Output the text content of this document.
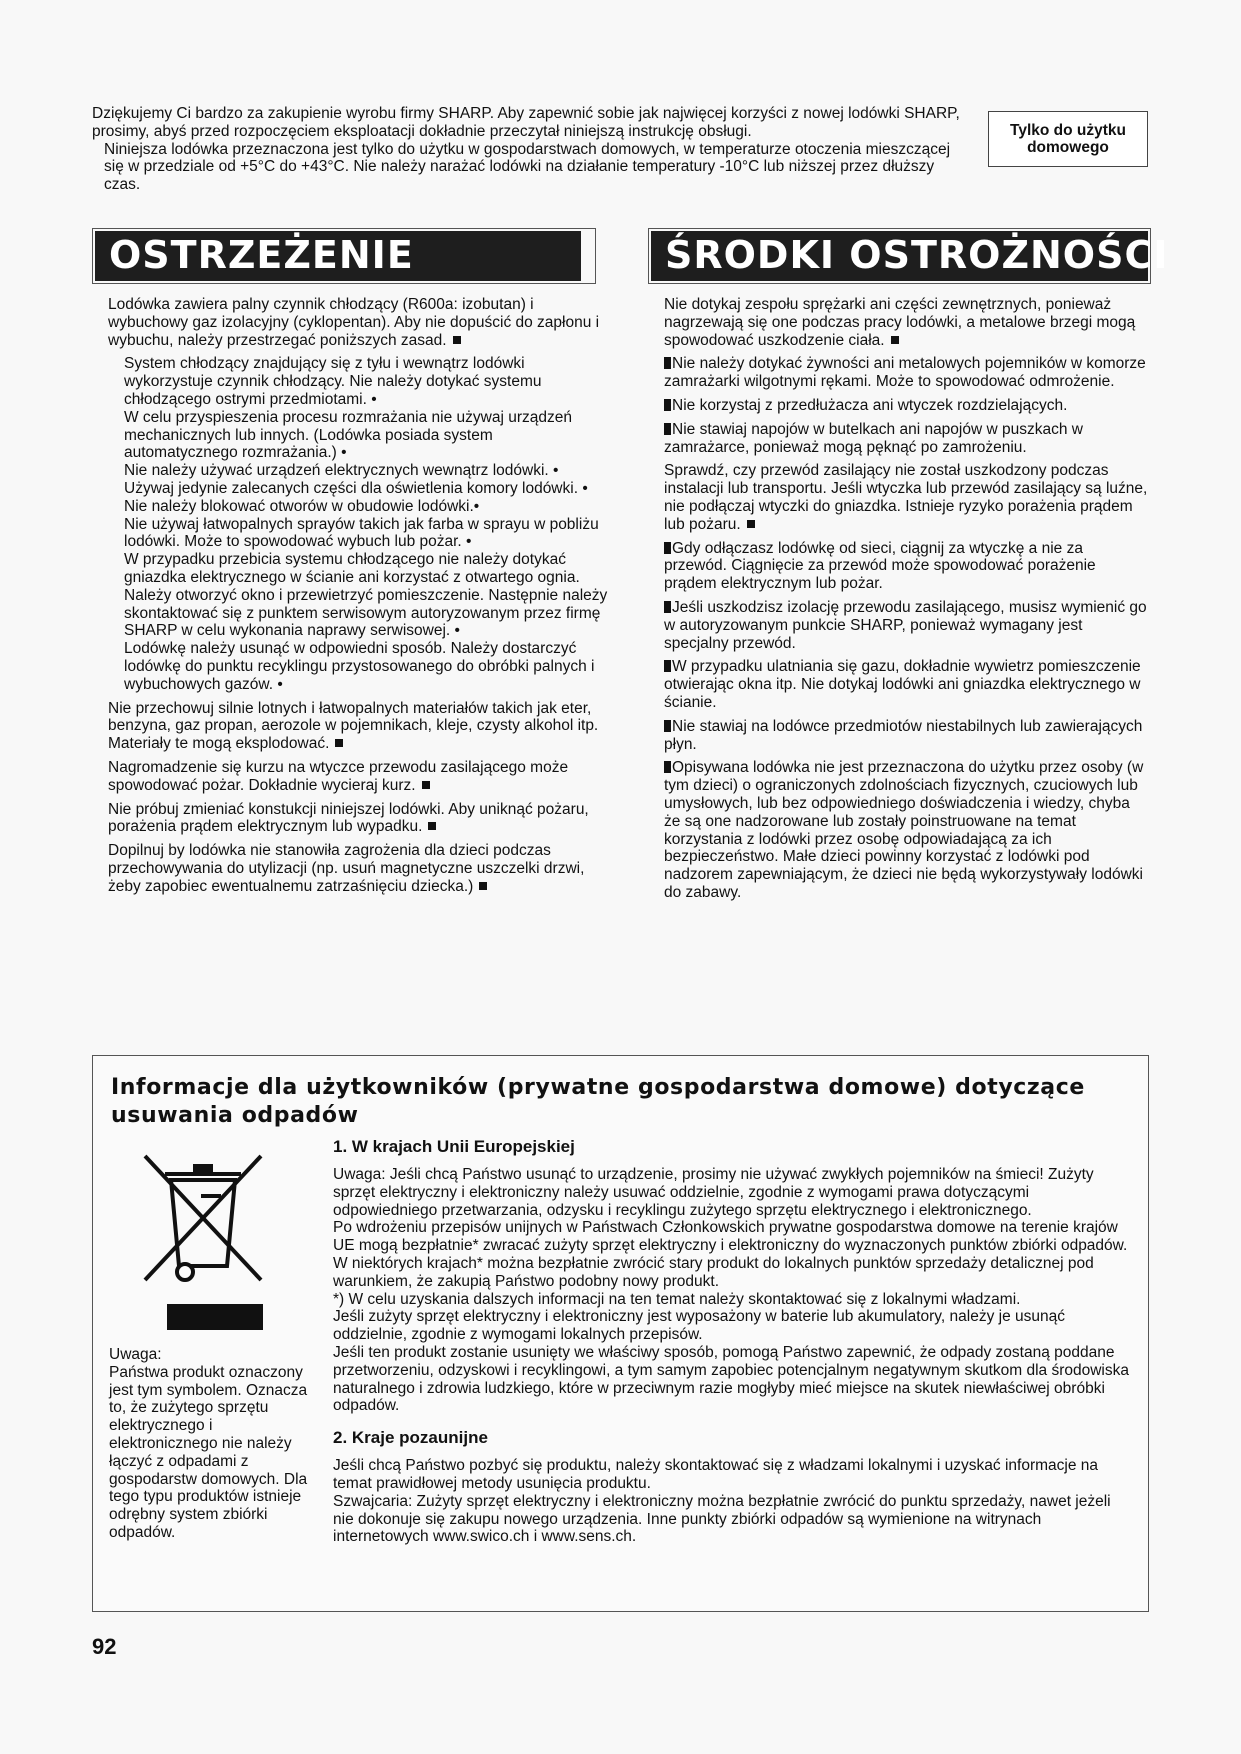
Dziękujemy Ci bardzo za zakupienie wyrobu firmy SHARP. Aby zapewnić sobie jak najwięcej korzyści z nowej lodówki SHARP, prosimy, abyś przed rozpoczęciem eksploatacji dokładnie przeczytał niniejszą instrukcję obsługi.

Niniejsza lodówka przeznaczona jest tylko do użytku w gospodarstwach domowych, w temperaturze otoczenia mieszczącej się w przedziale od +5°C do +43°C. Nie należy narażać lodówki na działanie temperatury -10°C lub niższej przez dłuższy czas.

Tylko do użytku domowego
OSTRZEŻENIE	ŚRODKI OSTROŻNOŚCI

Lodówka zawiera palny czynnik chłodzący (R600a: izobutan) i wybuchowy gaz izolacyjny (cyklopentan). Aby nie dopuścić do zapłonu i wybuchu, należy przestrzegać poniższych zasad.

System chłodzący znajdujący się z tyłu i wewnątrz lodówki wykorzystuje czynnik chłodzący. Nie należy dotykać systemu chłodzącego ostrymi przedmiotami. •

W celu przyspieszenia procesu rozmrażania nie używaj urządzeń mechanicznych lub innych. (Lodówka posiada system automatycznego rozmrażania.) •

Nie należy używać urządzeń elektrycznych wewnątrz lodówki. •

Używaj jedynie zalecanych części dla oświetlenia komory lodówki. •

Nie należy blokować otworów w obudowie lodówki.•

Nie używaj łatwopalnych sprayów takich jak farba w sprayu w pobliżu lodówki. Może to spowodować wybuch lub pożar. •

W przypadku przebicia systemu chłodzącego nie należy dotykać gniazdka elektrycznego w ścianie ani korzystać z otwartego ognia. Należy otworzyć okno i przewietrzyć pomieszczenie. Następnie należy skontaktować się z punktem serwisowym autoryzowanym przez firmę SHARP w celu wykonania naprawy serwisowej. •

Lodówkę należy usunąć w odpowiedni sposób. Należy dostarczyć lodówkę do punktu recyklingu przystosowanego do obróbki palnych i wybuchowych gazów. •

Nie przechowuj silnie lotnych i łatwopalnych materiałów takich jak eter, benzyna, gaz propan, aerozole w pojemnikach, kleje, czysty alkohol itp. Materiały te mogą eksplodować.

Nagromadzenie się kurzu na wtyczce przewodu zasilającego może spowodować pożar. Dokładnie wycieraj kurz.

Nie próbuj zmieniać konstukcji niniejszej lodówki. Aby uniknąć pożaru, porażenia prądem elektrycznym lub wypadku.

Dopilnuj by lodówka nie stanowiła zagrożenia dla dzieci podczas przechowywania do utylizacji (np. usuń magnetyczne uszczelki drzwi, żeby zapobiec ewentualnemu zatrzaśnięciu dziecka.)

Nie dotykaj zespołu sprężarki ani części zewnętrznych, ponieważ nagrzewają się one podczas pracy lodówki, a metalowe brzegi mogą spowodować uszkodzenie ciała.

Nie należy dotykać żywności ani metalowych pojemników w komorze zamrażarki wilgotnymi rękami. Może to spowodować odmrożenie.

Nie korzystaj z przedłużacza ani wtyczek rozdzielających.

Nie stawiaj napojów w butelkach ani napojów w puszkach w zamrażarce, ponieważ mogą pęknąć po zamrożeniu.

Sprawdź, czy przewód zasilający nie został uszkodzony podczas instalacji lub transportu. Jeśli wtyczka lub przewód zasilający są luźne, nie podłączaj wtyczki do gniazdka. Istnieje ryzyko porażenia prądem lub pożaru.

Gdy odłączasz lodówkę od sieci, ciągnij za wtyczkę a nie za przewód. Ciągnięcie za przewód może spowodować porażenie prądem elektrycznym lub pożar.

Jeśli uszkodzisz izolację przewodu zasilającego, musisz wymienić go w autoryzowanym punkcie SHARP, ponieważ wymagany jest specjalny przewód.

W przypadku ulatniania się gazu, dokładnie wywietrz pomieszczenie otwierając okna itp. Nie dotykaj lodówki ani gniazdka elektrycznego w ścianie.

Nie stawiaj na lodówce przedmiotów niestabilnych lub zawierających płyn.

Opisywana lodówka nie jest przeznaczona do użytku przez osoby (w tym dzieci) o ograniczonych zdolnościach fizycznych, czuciowych lub umysłowych, lub bez odpowiedniego doświadczenia i wiedzy, chyba że są one nadzorowane lub zostały poinstruowane na temat korzystania z lodówki przez osobę odpowiadającą za ich bezpieczeństwo. Małe dzieci powinny korzystać z lodówki pod nadzorem zapewniającym, że dzieci nie będą wykorzystywały lodówki do zabawy.

Informacje dla użytkowników (prywatne gospodarstwa domowe) dotyczące usuwania odpadów
Uwaga:
Państwa produkt oznaczony jest tym symbolem. Oznacza to, że zużytego sprzętu elektrycznego i elektronicznego nie należy łączyć z odpadami z gospodarstw domowych. Dla tego typu produktów istnieje odrębny system zbiórki odpadów.
1. W krajach Unii Europejskiej

Uwaga: Jeśli chcą Państwo usunąć to urządzenie, prosimy nie używać zwykłych pojemników na śmieci! Zużyty sprzęt elektryczny i elektroniczny należy usuwać oddzielnie, zgodnie z wymogami prawa dotyczącymi odpowiedniego przetwarzania, odzysku i recyklingu zużytego sprzętu elektrycznego i elektronicznego.

Po wdrożeniu przepisów unijnych w Państwach Członkowskich prywatne gospodarstwa domowe na terenie krajów UE mogą bezpłatnie* zwracać zużyty sprzęt elektryczny i elektroniczny do wyznaczonych punktów zbiórki odpadów. W niektórych krajach* można bezpłatnie zwrócić stary produkt do lokalnych punktów sprzedaży detalicznej pod warunkiem, że zakupią Państwo podobny nowy produkt.

*) W celu uzyskania dalszych informacji na ten temat należy skontaktować się z lokalnymi władzami.

Jeśli zużyty sprzęt elektryczny i elektroniczny jest wyposażony w baterie lub akumulatory, należy je usunąć oddzielnie, zgodnie z wymogami lokalnych przepisów.

Jeśli ten produkt zostanie usunięty we właściwy sposób, pomogą Państwo zapewnić, że odpady zostaną poddane przetworzeniu, odzyskowi i recyklingowi, a tym samym zapobiec potencjalnym negatywnym skutkom dla środowiska naturalnego i zdrowia ludzkiego, które w przeciwnym razie mogłyby mieć miejsce na skutek niewłaściwej obróbki odpadów.

2. Kraje pozaunijne

Jeśli chcą Państwo pozbyć się produktu, należy skontaktować się z władzami lokalnymi i uzyskać informacje na temat prawidłowej metody usunięcia produktu.

Szwajcaria: Zużyty sprzęt elektryczny i elektroniczny można bezpłatnie zwrócić do punktu sprzedaży, nawet jeżeli nie dokonuje się zakupu nowego urządzenia. Inne punkty zbiórki odpadów są wymienione na witrynach internetowych www.swico.ch i www.sens.ch.

92
